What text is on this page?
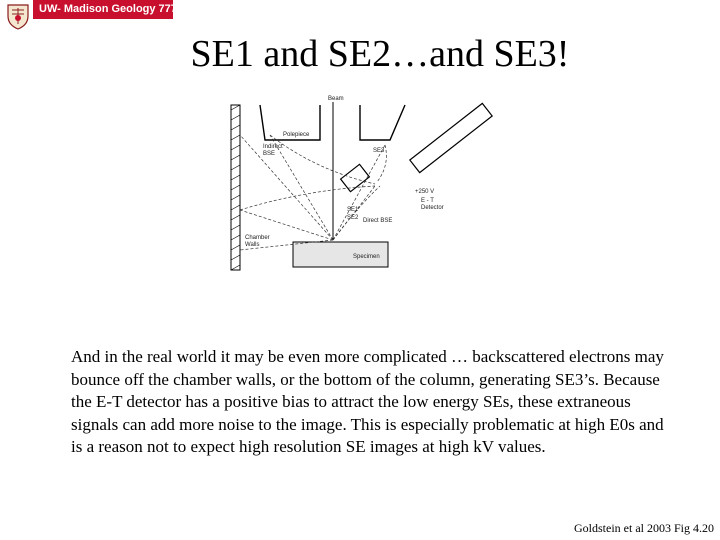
UW- Madison Geology 777
SE1 and SE2…and SE3!
Beam
Polepiece
Indirect BSE	SE3
+250 V
E - T Detector
SE1
SE2 Direct BSE
Chamber Walls
Specimen

And in the real world it may be even more complicated … backscattered electrons may bounce off the chamber walls, or the bottom of the column, generating SE3’s. Because the E-T detector has a positive bias to attract the low energy SEs, these extraneous signals can add more noise to the image. This is especially problematic at high E0s and is a reason not to expect high resolution SE images at high kV values.

Goldstein et al 2003 Fig 4.20
